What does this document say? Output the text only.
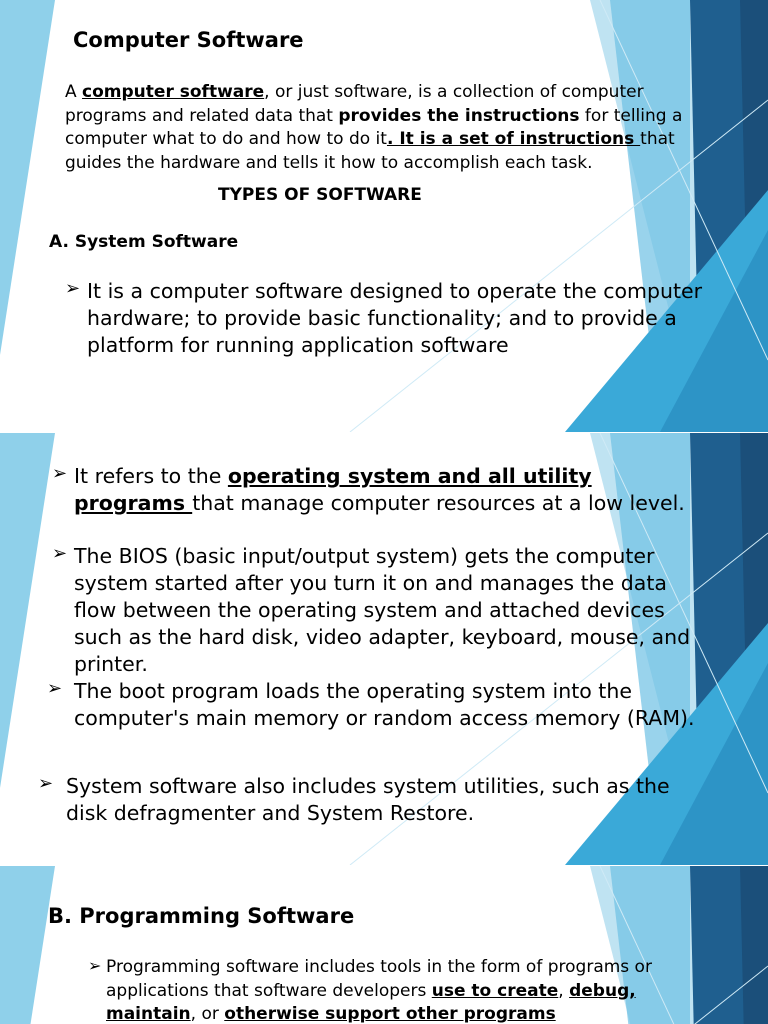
Computer Software
A computer software, or just software, is a collection of computer programs and related data that provides the instructions for telling a computer what to do and how to do it. It is a set of instructions that guides the hardware and tells it how to accomplish each task.
TYPES OF SOFTWARE
A. System Software
➢ It is a computer software designed to operate the computer hardware; to provide basic functionality; and to provide a platform for running application software
➢ It refers to the operating system and all utility programs that manage computer resources at a low level.
➢ The BIOS (basic input/output system) gets the computer system started after you turn it on and manages the data flow between the operating system and attached devices such as the hard disk, video adapter, keyboard, mouse, and printer.
➢ The boot program loads the operating system into the computer's main memory or random access memory (RAM).
➢ System software also includes system utilities, such as the disk defragmenter and System Restore.
B. Programming Software
➢ Programming software includes tools in the form of programs or applications that software developers use to create, debug, maintain, or otherwise support other programs
